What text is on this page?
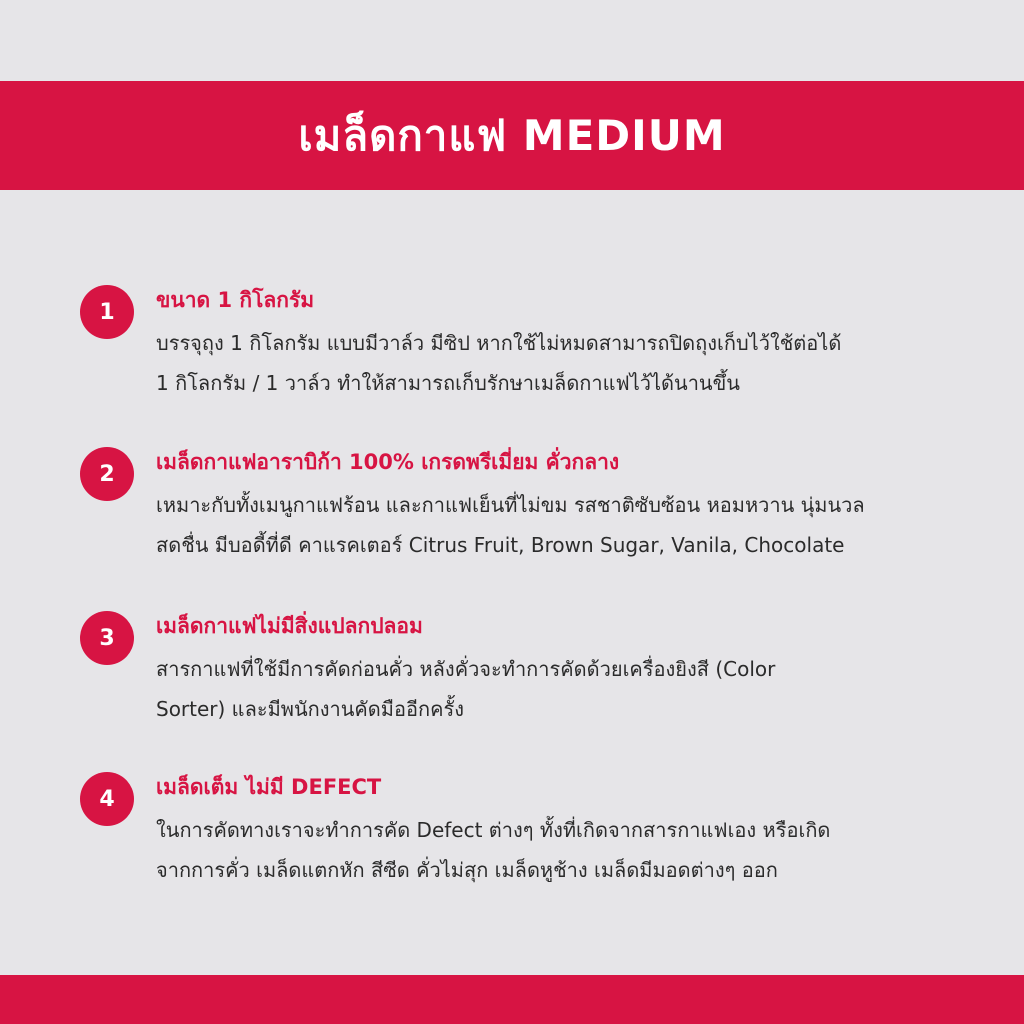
เมล็ดกาแฟ MEDIUM
1	ขนาด 1 กิโลกรัม
บรรจุถุง 1 กิโลกรัม แบบมีวาล์ว มีซิป หากใช้ไม่หมดสามารถปิดถุงเก็บไว้ใช้ต่อได้
1 กิโลกรัม / 1 วาล์ว ทำให้สามารถเก็บรักษาเมล็ดกาแฟไว้ได้นานขึ้น
2	เมล็ดกาแฟอาราบิก้า 100% เกรดพรีเมี่ยม คั่วกลาง
เหมาะกับทั้งเมนูกาแฟร้อน และกาแฟเย็นที่ไม่ขม รสชาติซับซ้อน หอมหวาน นุ่มนวล
สดชื่น มีบอดี้ที่ดี คาแรคเตอร์ Citrus Fruit, Brown Sugar, Vanila, Chocolate
3	เมล็ดกาแฟไม่มีสิ่งแปลกปลอม
สารกาแฟที่ใช้มีการคัดก่อนคั่ว หลังคั่วจะทำการคัดด้วยเครื่องยิงสี (Color
Sorter) และมีพนักงานคัดมืออีกครั้ง
4	เมล็ดเต็ม ไม่มี DEFECT
ในการคัดทางเราจะทำการคัด Defect ต่างๆ ทั้งที่เกิดจากสารกาแฟเอง หรือเกิด
จากการคั่ว เมล็ดแตกหัก สีซีด คั่วไม่สุก เมล็ดหูช้าง เมล็ดมีมอดต่างๆ ออก
